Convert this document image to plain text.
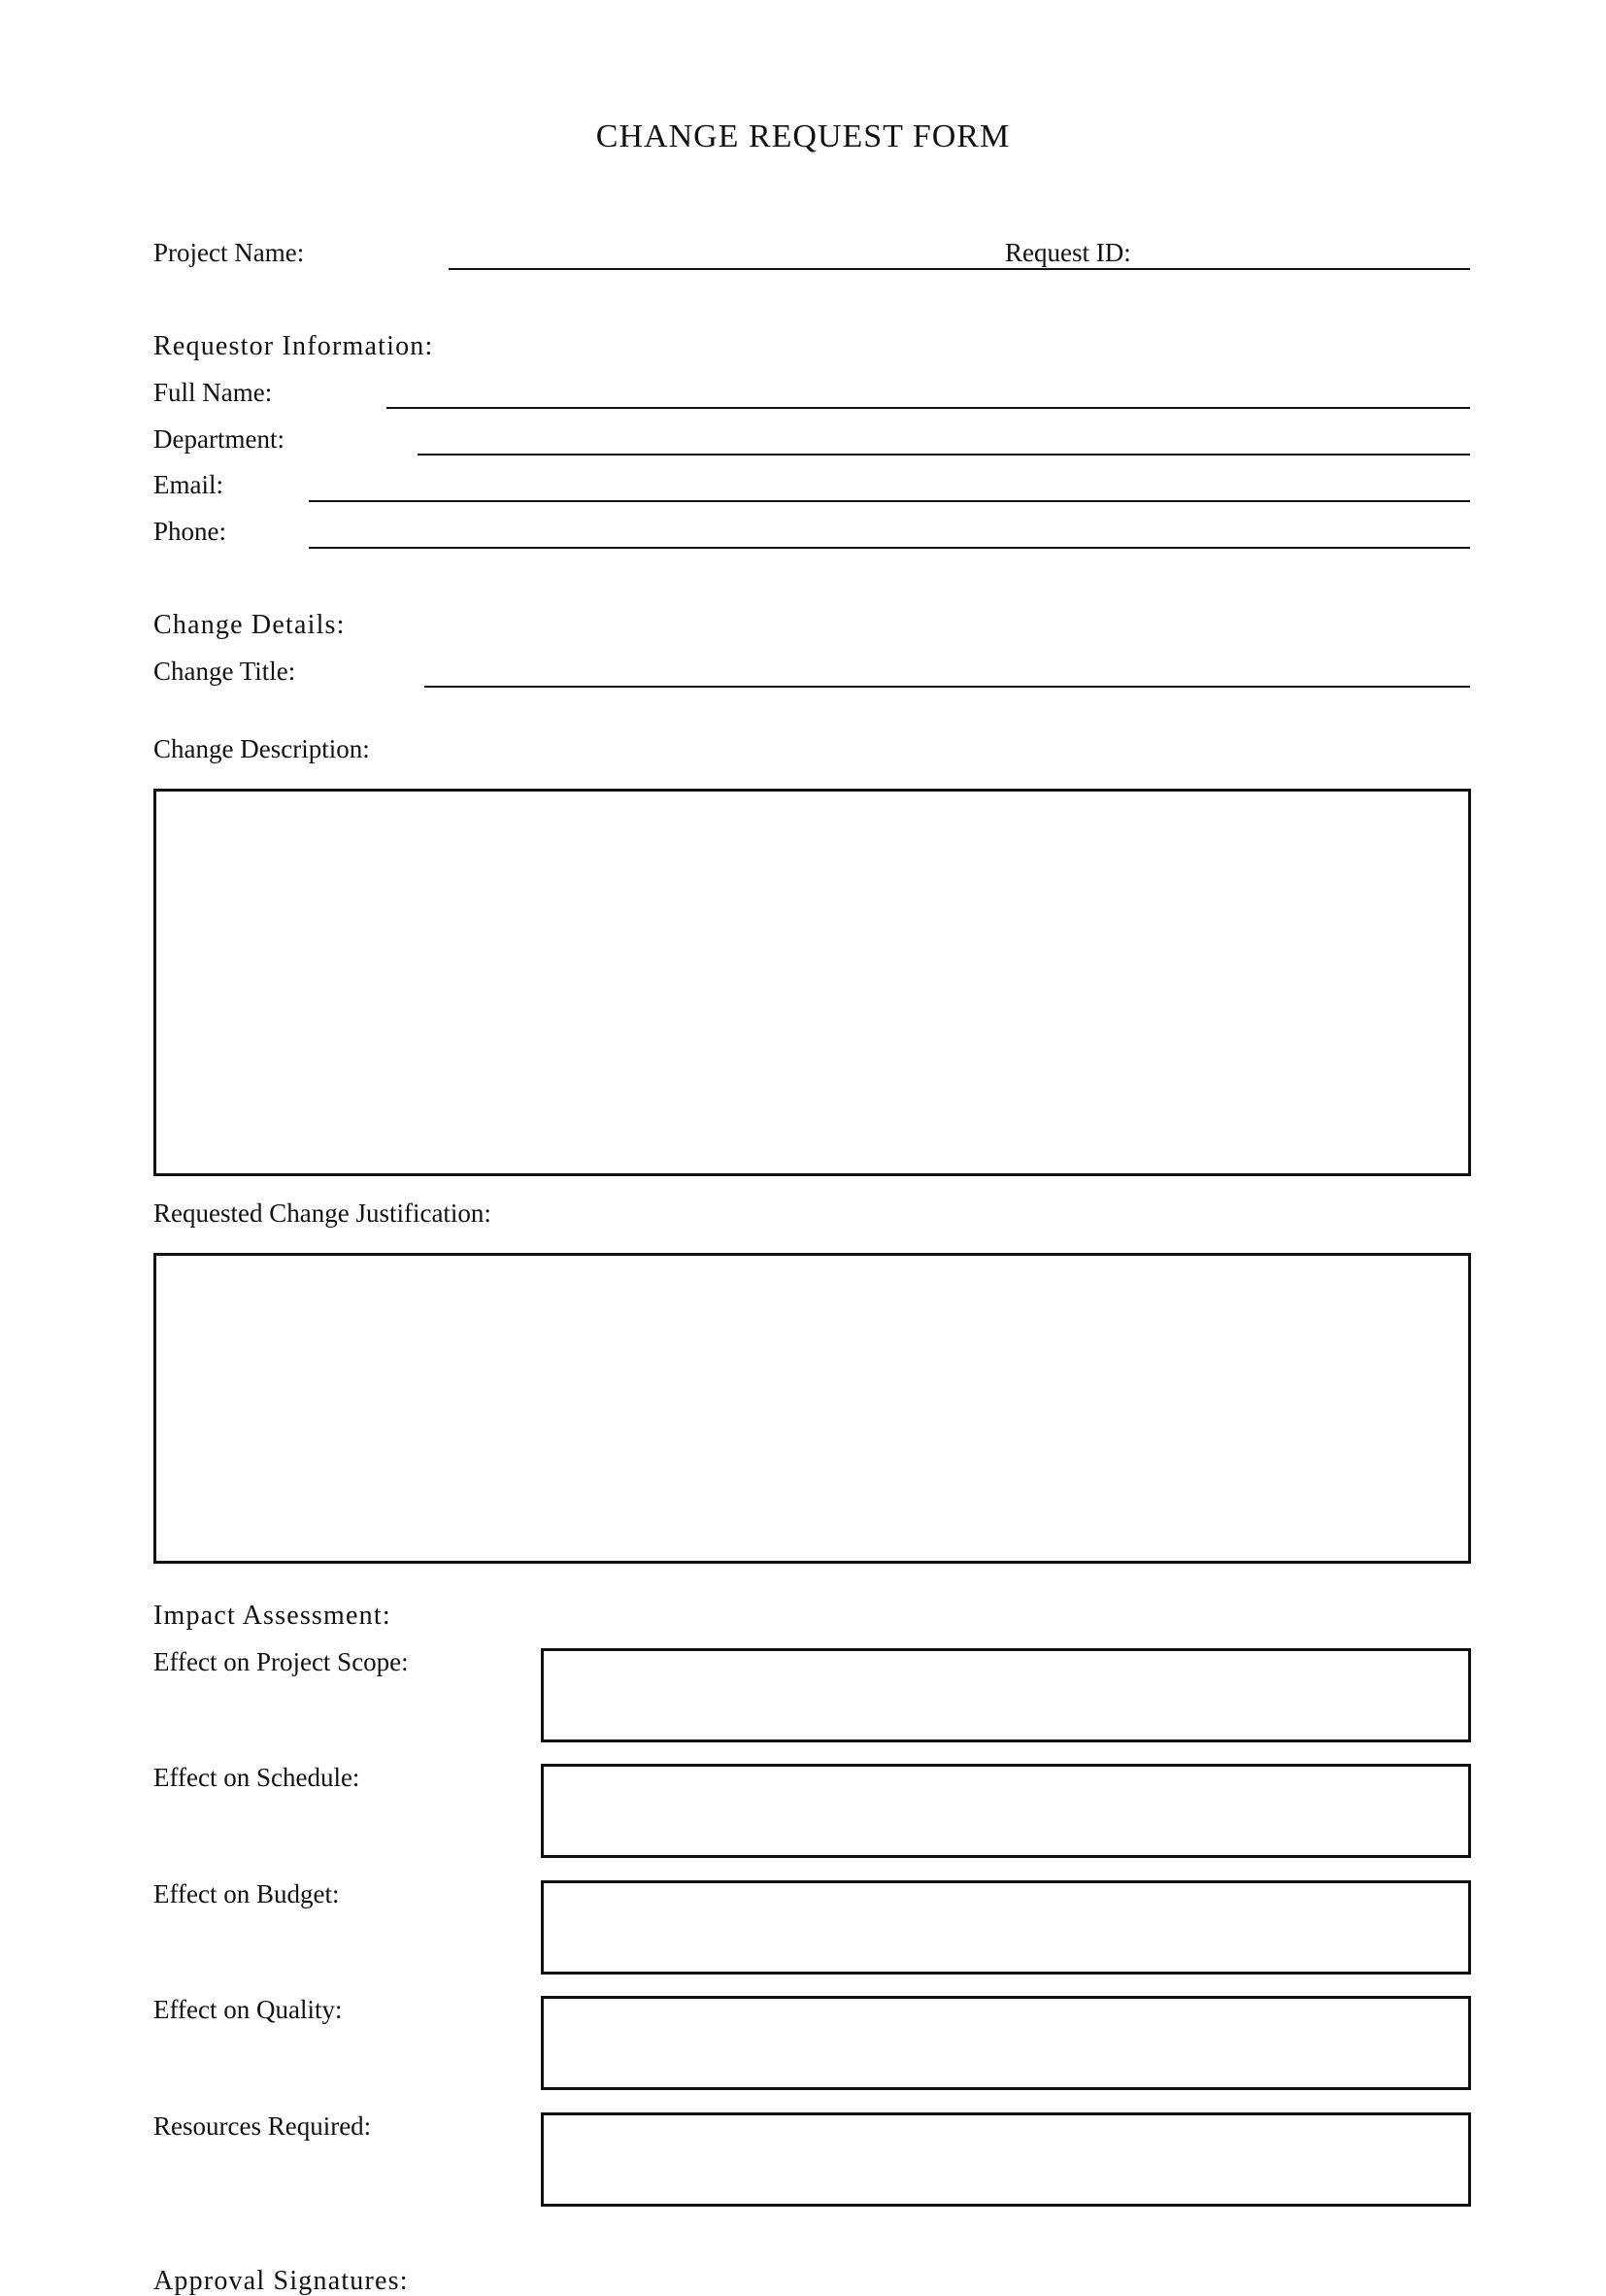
CHANGE REQUEST FORM
Project Name:	Request ID:
Requestor Information:
Full Name:
Department:
Email:
Phone:
Change Details:
Change Title:
Change Description:
Requested Change Justification:
Impact Assessment:
Effect on Project Scope:
Effect on Schedule:
Effect on Budget:
Effect on Quality:
Resources Required:
Approval Signatures:
